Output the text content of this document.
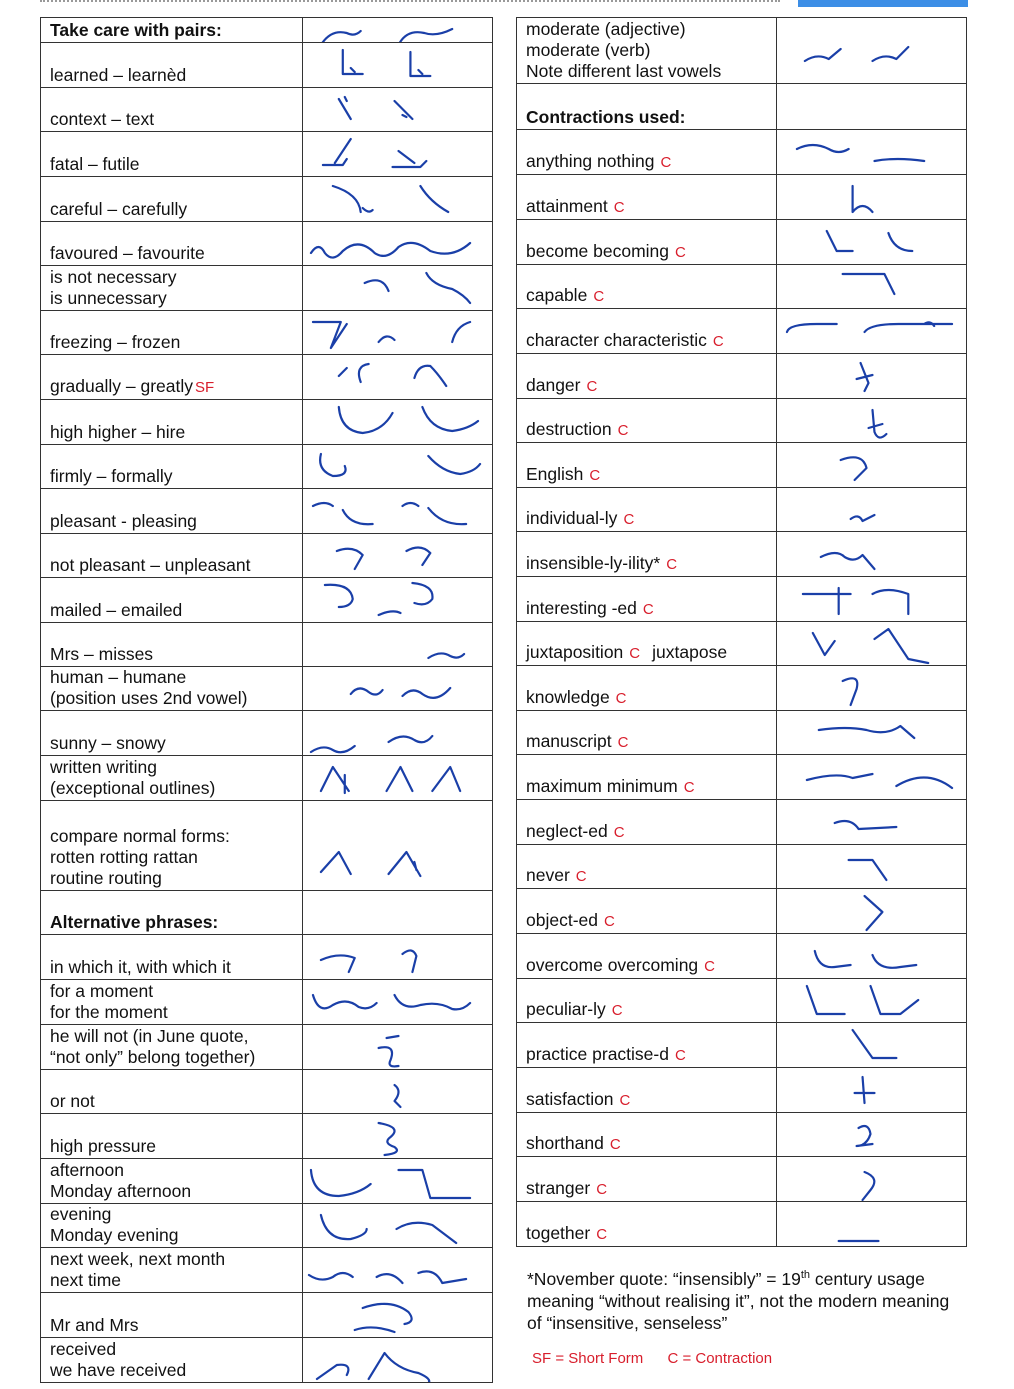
Take care with pairs:

learned – learnèd

context – text

fatal – futile

careful – carefully

favoured – favourite

is not necessary
is unnecessary

freezing – frozen

gradually – greatly SF

high higher – hire

firmly – formally

pleasant - pleasing

not pleasant – unpleasant

mailed – emailed

Mrs – misses

human – humane
(position uses 2nd vowel)

sunny – snowy

written writing
(exceptional outlines)

compare normal forms:
rotten rotting rattan
routine routing

Alternative phrases:	

in which it, with which it

for a moment
for the moment

he will not (in June quote,
“not only” belong together)

or not

high pressure

afternoon
Monday afternoon

evening
Monday evening

next week, next month
next time

Mr and Mrs

received
we have received

moderate (adjective)
moderate (verb)
Note different last vowels

Contractions used:	

anything nothing C

attainment C

become becoming C

capable C

character characteristic C

danger C

destruction C

English C

individual-ly C

insensible-ly-ility* C

interesting -ed C

juxtaposition C juxtapose

knowledge C

manuscript C

maximum minimum C

neglect-ed C

never C

object-ed C

overcome overcoming C

peculiar-ly C

practice practise-d C

satisfaction C

shorthand C

stranger C

together C

*November quote: “insensibly” = 19th century usage meaning “without realising it”, not the modern meaning of “insensitive, senseless”
SF = Short Form C = Contraction
